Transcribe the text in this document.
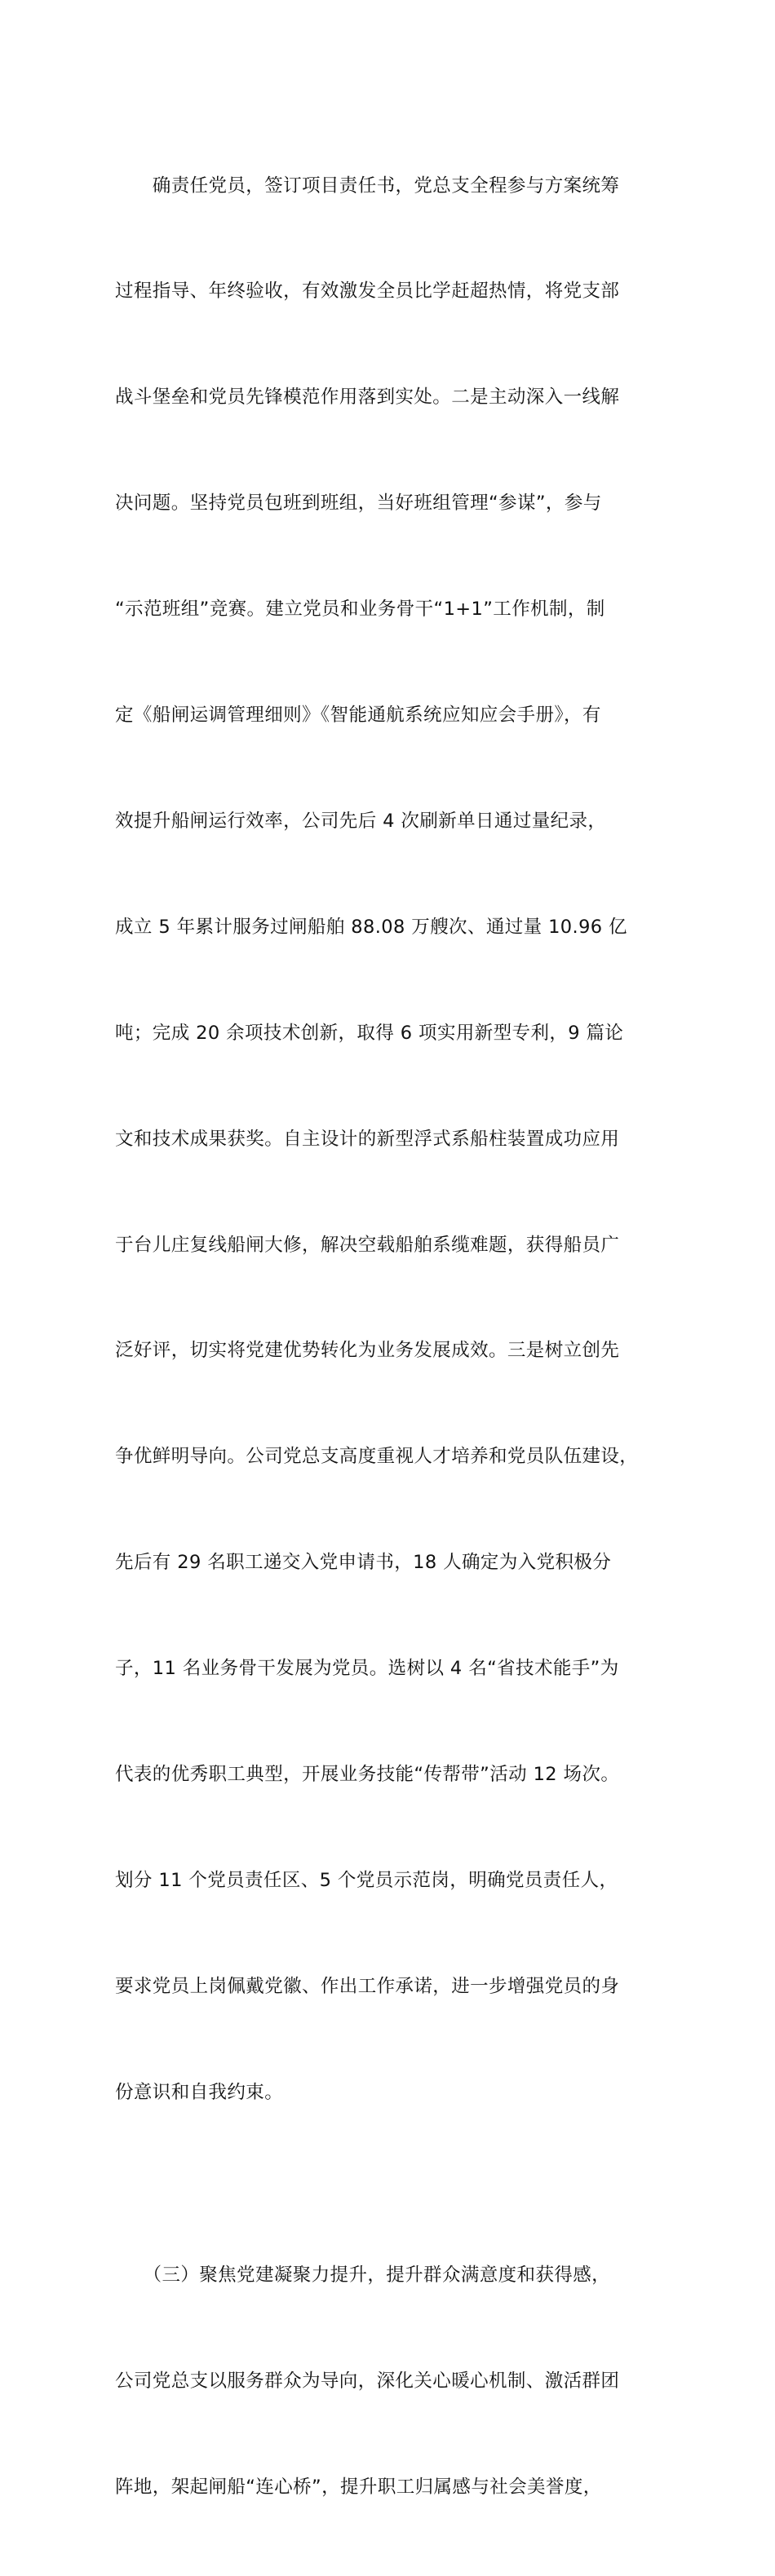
　　确责任党员，签订项目责任书，党总支全程参与方案统筹

过程指导、年终验收，有效激发全员比学赶超热情，将党支部

战斗堡垒和党员先锋模范作用落到实处。二是主动深入一线解

决问题。坚持党员包班到班组，当好班组管理“参谋”，参与

“示范班组”竞赛。建立党员和业务骨干“1+1”工作机制，制

定《船闸运调管理细则》《智能通航系统应知应会手册》，有

效提升船闸运行效率，公司先后 4 次刷新单日通过量纪录，

成立 5 年累计服务过闸船舶 88.08 万艘次、通过量 10.96 亿

吨；完成 20 余项技术创新，取得 6 项实用新型专利，9 篇论

文和技术成果获奖。自主设计的新型浮式系船柱装置成功应用

于台儿庄复线船闸大修，解决空载船舶系缆难题，获得船员广

泛好评，切实将党建优势转化为业务发展成效。三是树立创先

争优鲜明导向。公司党总支高度重视人才培养和党员队伍建设，

先后有 29 名职工递交入党申请书，18 人确定为入党积极分

子，11 名业务骨干发展为党员。选树以 4 名“省技术能手”为

代表的优秀职工典型，开展业务技能“传帮带”活动 12 场次。

划分 11 个党员责任区、5 个党员示范岗，明确党员责任人，

要求党员上岗佩戴党徽、作出工作承诺，进一步增强党员的身

份意识和自我约束。

　　（三）聚焦党建凝聚力提升，提升群众满意度和获得感，

公司党总支以服务群众为导向，深化关心暖心机制、激活群团

阵地，架起闸船“连心桥”，提升职工归属感与社会美誉度，
